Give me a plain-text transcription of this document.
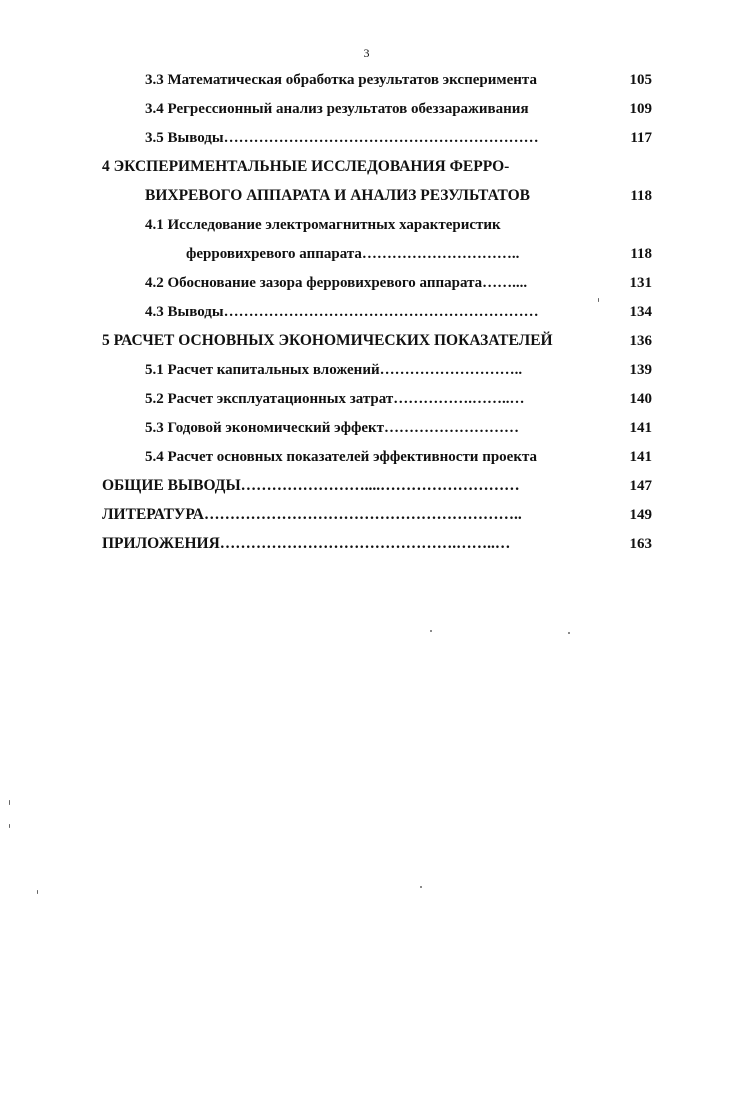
3
3.3 Математическая обработка результатов эксперимента	105
3.4 Регрессионный анализ результатов обеззараживания	109
3.5 Выводы………………………………………………………	117
4 ЭКСПЕРИМЕНТАЛЬНЫЕ ИССЛЕДОВАНИЯ ФЕРРО-
ВИХРЕВОГО АППАРАТА И АНАЛИЗ РЕЗУЛЬТАТОВ	118
4.1 Исследование электромагнитных характеристик
ферровихревого аппарата…………………………..	118
4.2 Обоснование зазора ферровихревого аппарата……....	131
4.3 Выводы………………………………………………………	134
5 РАСЧЕТ ОСНОВНЫХ ЭКОНОМИЧЕСКИХ ПОКАЗАТЕЛЕЙ	136
5.1 Расчет капитальных вложений………………………..	139
5.2 Расчет эксплуатационных затрат…………….……..…	140
5.3 Годовой экономический эффект………………………	141
5.4 Расчет основных показателей эффективности проекта	141
ОБЩИЕ ВЫВОДЫ……………………....………………………	147
ЛИТЕРАТУРА……………………………………………………..	149
ПРИЛОЖЕНИЯ……………………………………….……..…	163
